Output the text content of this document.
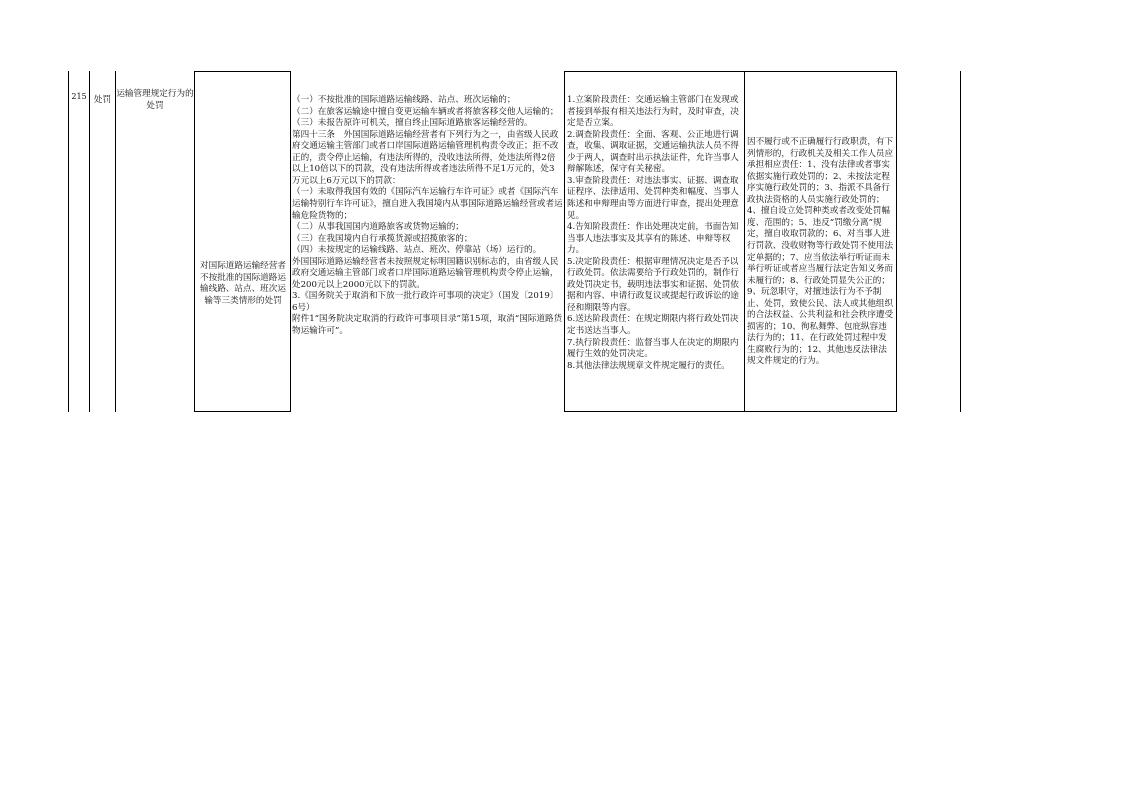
215

处罚

运输管理规定行为的处罚

对国际道路运输经营者不按批准的国际道路运输线路、站点、班次运输等三类情形的处罚

（一）不按批准的国际道路运输线路、站点、班次运输的；
（二）在旅客运输途中擅自变更运输车辆或者将旅客移交他人运输的；
（三）未报告原许可机关，擅自终止国际道路旅客运输经营的。
第四十三条　外国国际道路运输经营者有下列行为之一，由省级人民政府交通运输主管部门或者口岸国际道路运输管理机构责令改正；拒不改正的，责令停止运输，有违法所得的，没收违法所得，处违法所得2倍以上10倍以下的罚款，没有违法所得或者违法所得不足1万元的，处3万元以上6万元以下的罚款：
（一）未取得我国有效的《国际汽车运输行车许可证》或者《国际汽车运输特别行车许可证》，擅自进入我国境内从事国际道路运输经营或者运输危险货物的；
（二）从事我国国内道路旅客或货物运输的；
（三）在我国境内自行承揽货源或招揽旅客的；
（四）未按规定的运输线路、站点、班次、停靠站（场）运行的。
外国国际道路运输经营者未按照规定标明国籍识别标志的，由省级人民政府交通运输主管部门或者口岸国际道路运输管理机构责令停止运输，处200元以上2000元以下的罚款。
3.《国务院关于取消和下放一批行政许可事项的决定》（国发〔2019〕6号）
附件1“国务院决定取消的行政许可事项目录”第15项，取消“国际道路货物运输许可”。

1.立案阶段责任：交通运输主管部门在发现或者接到举报有相关违法行为时，及时审查，决定是否立案。
2.调查阶段责任：全面、客观、公正地进行调查，收集、调取证据，交通运输执法人员不得少于两人，调查时出示执法证件，允许当事人辩解陈述，保守有关秘密。
3.审查阶段责任：对违法事实、证据、调查取证程序、法律适用、处罚种类和幅度、当事人陈述和申辩理由等方面进行审查，提出处理意见。
4.告知阶段责任：作出处理决定前，书面告知当事人违法事实及其享有的陈述、申辩等权力。
5.决定阶段责任：根据审理情况决定是否予以行政处罚。依法需要给予行政处罚的，制作行政处罚决定书，载明违法事实和证据、处罚依据和内容、申请行政复议或提起行政诉讼的途径和期限等内容。
6.送达阶段责任：在规定期限内将行政处罚决定书送达当事人。
7.执行阶段责任：监督当事人在决定的期限内履行生效的处罚决定。
8.其他法律法规规章文件规定履行的责任。

因不履行或不正确履行行政职责，有下列情形的，行政机关及相关工作人员应承担相应责任：1、没有法律或者事实依据实施行政处罚的；2、未按法定程序实施行政处罚的；3、指派不具备行政执法资格的人员实施行政处罚的；4、擅自设立处罚种类或者改变处罚幅度、范围的；5、违反“罚缴分离”规定，擅自收取罚款的；6、对当事人进行罚款、没收财物等行政处罚不使用法定单据的；7、应当依法举行听证而未举行听证或者应当履行法定告知义务而未履行的；8、行政处罚显失公正的；9、玩忽职守，对擅违法行为不予制止、处罚，致使公民、法人或其他组织的合法权益、公共利益和社会秩序遭受损害的；10、徇私舞弊、包庇纵容违法行为的；11、在行政处罚过程中发生腐败行为的；12、其他违反法律法规文件规定的行为。
